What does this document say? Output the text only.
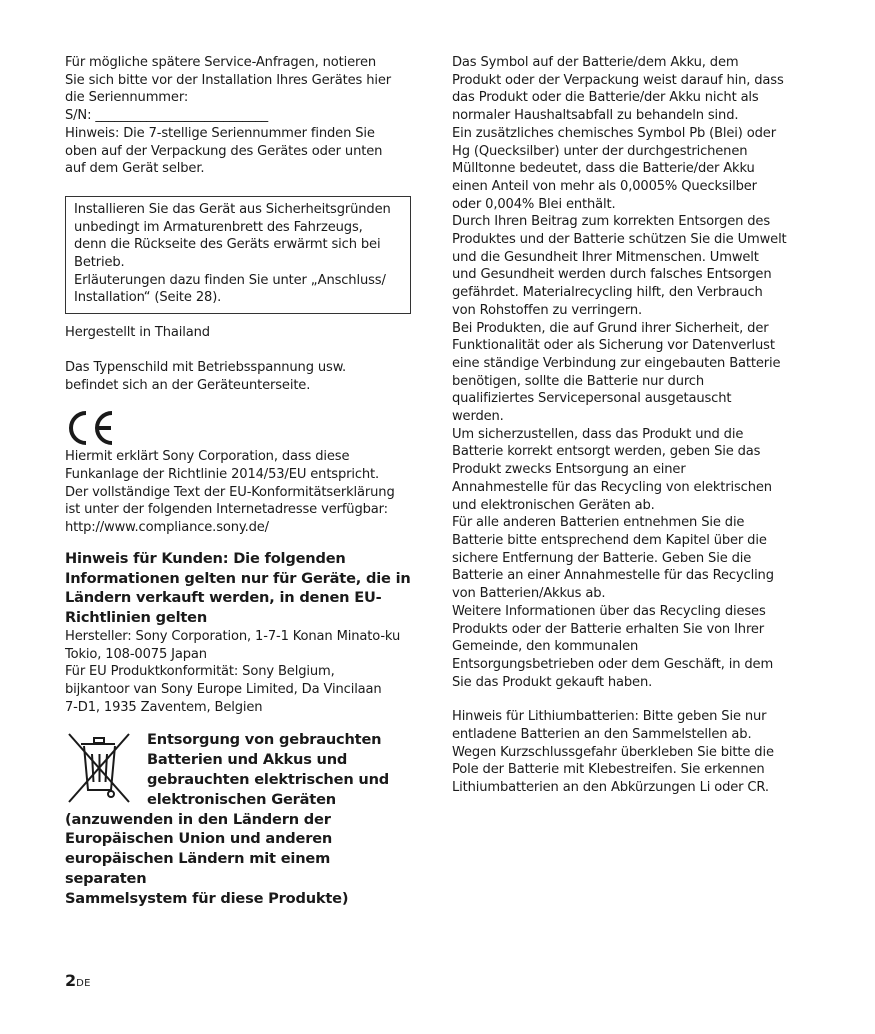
Für mögliche spätere Service-Anfragen, notieren
Sie sich bitte vor der Installation Ihres Gerätes hier
die Seriennummer:

S/N: ___________________________

Hinweis: Die 7-stellige Seriennummer finden Sie
oben auf der Verpackung des Gerätes oder unten
auf dem Gerät selber.

Installieren Sie das Gerät aus Sicherheitsgründen
unbedingt im Armaturenbrett des Fahrzeugs,
denn die Rückseite des Geräts erwärmt sich bei
Betrieb.
Erläuterungen dazu finden Sie unter „Anschluss/
Installation“ (Seite 28).

Hergestellt in Thailand

Das Typenschild mit Betriebsspannung usw.
befindet sich an der Geräteunterseite.

Hiermit erklärt Sony Corporation, dass diese
Funkanlage der Richtlinie 2014/53/EU entspricht.
Der vollständige Text der EU-Konformitätserklärung
ist unter der folgenden Internetadresse verfügbar:
http://www.compliance.sony.de/

Hinweis für Kunden: Die folgenden
Informationen gelten nur für Geräte, die in
Ländern verkauft werden, in denen EU-
Richtlinien gelten

Hersteller: Sony Corporation, 1-7-1 Konan Minato-ku
Tokio, 108-0075 Japan
Für EU Produktkonformität: Sony Belgium,
bijkantoor van Sony Europe Limited, Da Vincilaan
7-D1, 1935 Zaventem, Belgien

Entsorgung von gebrauchten
Batterien und Akkus und
gebrauchten elektrischen und
elektronischen Geräten
(anzuwenden in den Ländern der
Europäischen Union und anderen
europäischen Ländern mit einem separaten
Sammelsystem für diese Produkte)

Das Symbol auf der Batterie/dem Akku, dem
Produkt oder der Verpackung weist darauf hin, dass
das Produkt oder die Batterie/der Akku nicht als
normaler Haushaltsabfall zu behandeln sind.
Ein zusätzliches chemisches Symbol Pb (Blei) oder
Hg (Quecksilber) unter der durchgestrichenen
Mülltonne bedeutet, dass die Batterie/der Akku
einen Anteil von mehr als 0,0005% Quecksilber
oder 0,004% Blei enthält.
Durch Ihren Beitrag zum korrekten Entsorgen des
Produktes und der Batterie schützen Sie die Umwelt
und die Gesundheit Ihrer Mitmenschen. Umwelt
und Gesundheit werden durch falsches Entsorgen
gefährdet. Materialrecycling hilft, den Verbrauch
von Rohstoffen zu verringern.
Bei Produkten, die auf Grund ihrer Sicherheit, der
Funktionalität oder als Sicherung vor Datenverlust
eine ständige Verbindung zur eingebauten Batterie
benötigen, sollte die Batterie nur durch
qualifiziertes Servicepersonal ausgetauscht
werden.
Um sicherzustellen, dass das Produkt und die
Batterie korrekt entsorgt werden, geben Sie das
Produkt zwecks Entsorgung an einer
Annahmestelle für das Recycling von elektrischen
und elektronischen Geräten ab.
Für alle anderen Batterien entnehmen Sie die
Batterie bitte entsprechend dem Kapitel über die
sichere Entfernung der Batterie. Geben Sie die
Batterie an einer Annahmestelle für das Recycling
von Batterien/Akkus ab.
Weitere Informationen über das Recycling dieses
Produkts oder der Batterie erhalten Sie von Ihrer
Gemeinde, den kommunalen
Entsorgungsbetrieben oder dem Geschäft, in dem
Sie das Produkt gekauft haben.

Hinweis für Lithiumbatterien: Bitte geben Sie nur
entladene Batterien an den Sammelstellen ab.
Wegen Kurzschlussgefahr überkleben Sie bitte die
Pole der Batterie mit Klebestreifen. Sie erkennen
Lithiumbatterien an den Abkürzungen Li oder CR.

2DE
